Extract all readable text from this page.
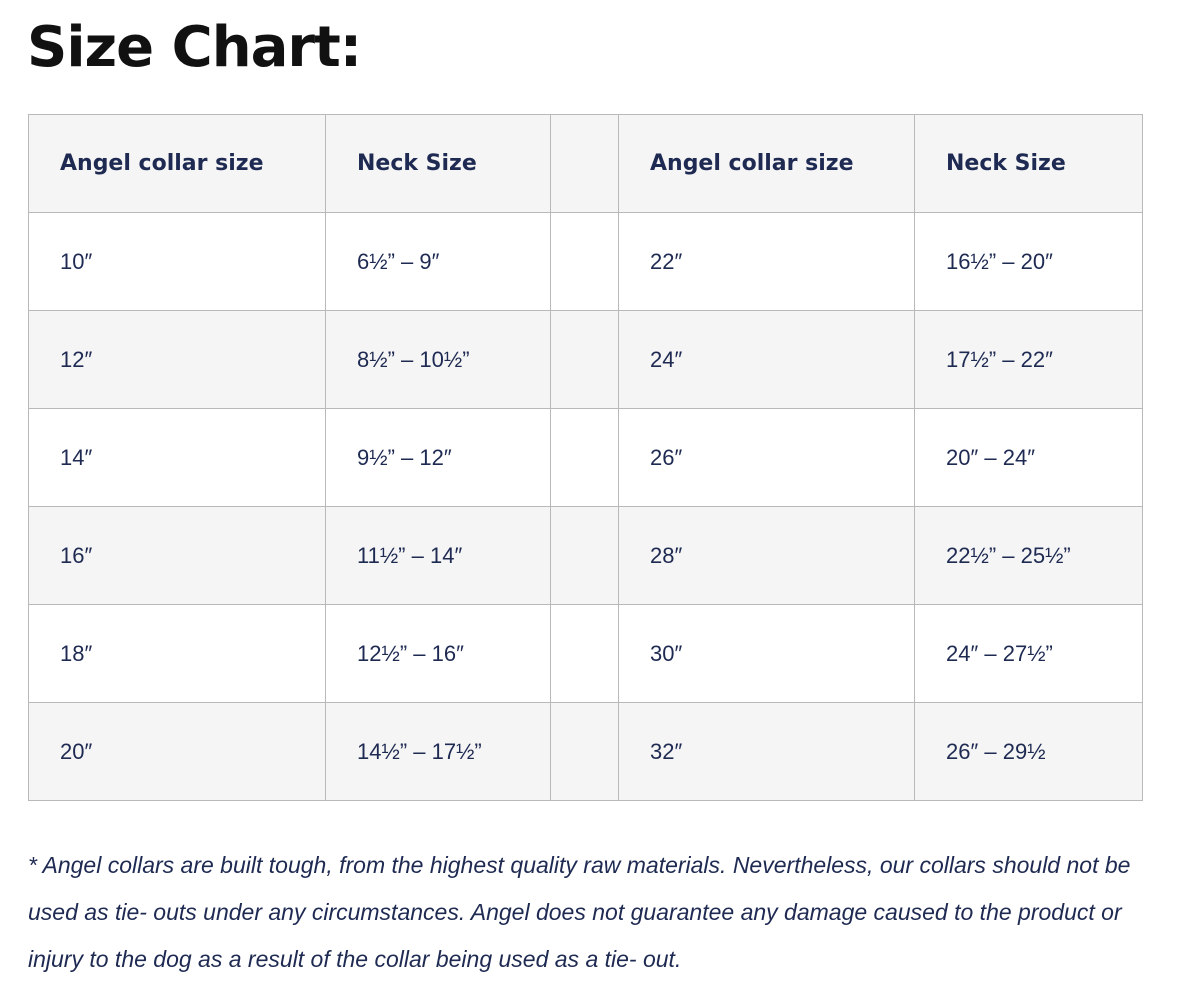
Size Chart:
Angel collar size	Neck Size		Angel collar size	Neck Size
10″	6½” – 9″		22″	16½” – 20″
12″	8½” – 10½”		24″	17½” – 22″
14″	9½” – 12″		26″	20″ – 24″
16″	11½” – 14″		28″	22½” – 25½”
18″	12½” – 16″		30″	24″ – 27½”
20″	14½” – 17½”		32″	26″ – 29½

* Angel collars are built tough, from the highest quality raw materials. Nevertheless, our collars should not be used as tie- outs under any circumstances. Angel does not guarantee any damage caused to the product or injury to the dog as a result of the collar being used as a tie- out.
